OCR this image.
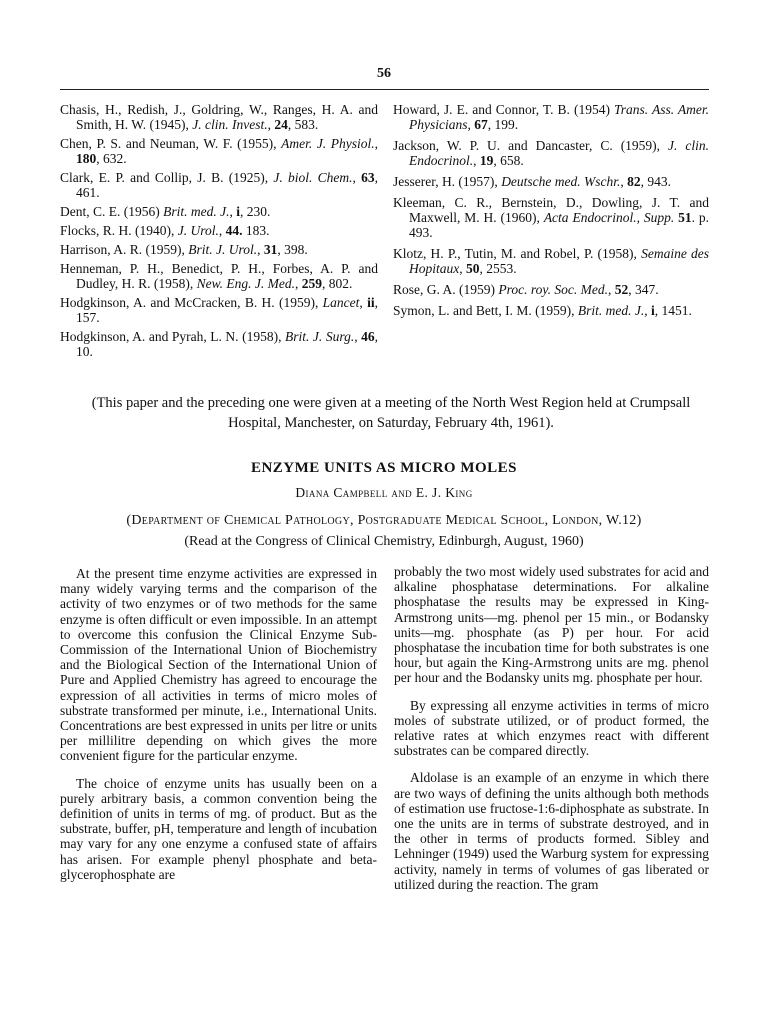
56
Chasis, H., Redish, J., Goldring, W., Ranges, H. A. and Smith, H. W. (1945), J. clin. Invest., 24, 583.
Chen, P. S. and Neuman, W. F. (1955), Amer. J. Physiol., 180, 632.
Clark, E. P. and Collip, J. B. (1925), J. biol. Chem., 63, 461.
Dent, C. E. (1956) Brit. med. J., i, 230.
Flocks, R. H. (1940), J. Urol., 44. 183.
Harrison, A. R. (1959), Brit. J. Urol., 31, 398.
Henneman, P. H., Benedict, P. H., Forbes, A. P. and Dudley, H. R. (1958), New. Eng. J. Med., 259, 802.
Hodgkinson, A. and McCracken, B. H. (1959), Lancet, ii, 157.
Hodgkinson, A. and Pyrah, L. N. (1958), Brit. J. Surg., 46, 10.
Howard, J. E. and Connor, T. B. (1954) Trans. Ass. Amer. Physicians, 67, 199.
Jackson, W. P. U. and Dancaster, C. (1959), J. clin. Endocrinol., 19, 658.
Jesserer, H. (1957), Deutsche med. Wschr., 82, 943.
Kleeman, C. R., Bernstein, D., Dowling, J. T. and Maxwell, M. H. (1960), Acta Endocrinol., Supp. 51. p. 493.
Klotz, H. P., Tutin, M. and Robel, P. (1958), Semaine des Hopitaux, 50, 2553.
Rose, G. A. (1959) Proc. roy. Soc. Med., 52, 347.
Symon, L. and Bett, I. M. (1959), Brit. med. J., i, 1451.
(This paper and the preceding one were given at a meeting of the North West Region held at Crumpsall Hospital, Manchester, on Saturday, February 4th, 1961).
ENZYME UNITS AS MICRO MOLES
Diana Campbell and E. J. King
(Department of Chemical Pathology, Postgraduate Medical School, London, W.12)
(Read at the Congress of Clinical Chemistry, Edinburgh, August, 1960)

At the present time enzyme activities are expressed in many widely varying terms and the comparison of the activity of two enzymes or of two methods for the same enzyme is often difficult or even impossible. In an attempt to overcome this confusion the Clinical Enzyme Sub-Commission of the International Union of Biochemistry and the Biological Section of the International Union of Pure and Applied Chemistry has agreed to encourage the expression of all activities in terms of micro moles of substrate transformed per minute, i.e., International Units. Concentrations are best expressed in units per litre or units per millilitre depending on which gives the more convenient figure for the particular enzyme.

The choice of enzyme units has usually been on a purely arbitrary basis, a common convention being the definition of units in terms of mg. of product. But as the substrate, buffer, pH, temperature and length of incubation may vary for any one enzyme a confused state of affairs has arisen. For example phenyl phosphate and beta-glycerophosphate are

probably the two most widely used substrates for acid and alkaline phosphatase determinations. For alkaline phosphatase the results may be expressed in King-Armstrong units—mg. phenol per 15 min., or Bodansky units—mg. phosphate (as P) per hour. For acid phosphatase the incubation time for both substrates is one hour, but again the King-Armstrong units are mg. phenol per hour and the Bodansky units mg. phosphate per hour.

By expressing all enzyme activities in terms of micro moles of substrate utilized, or of product formed, the relative rates at which enzymes react with different substrates can be compared directly.

Aldolase is an example of an enzyme in which there are two ways of defining the units although both methods of estimation use fructose-1:6-diphosphate as substrate. In one the units are in terms of substrate destroyed, and in the other in terms of products formed. Sibley and Lehninger (1949) used the Warburg system for expressing activity, namely in terms of volumes of gas liberated or utilized during the reaction. The gram
